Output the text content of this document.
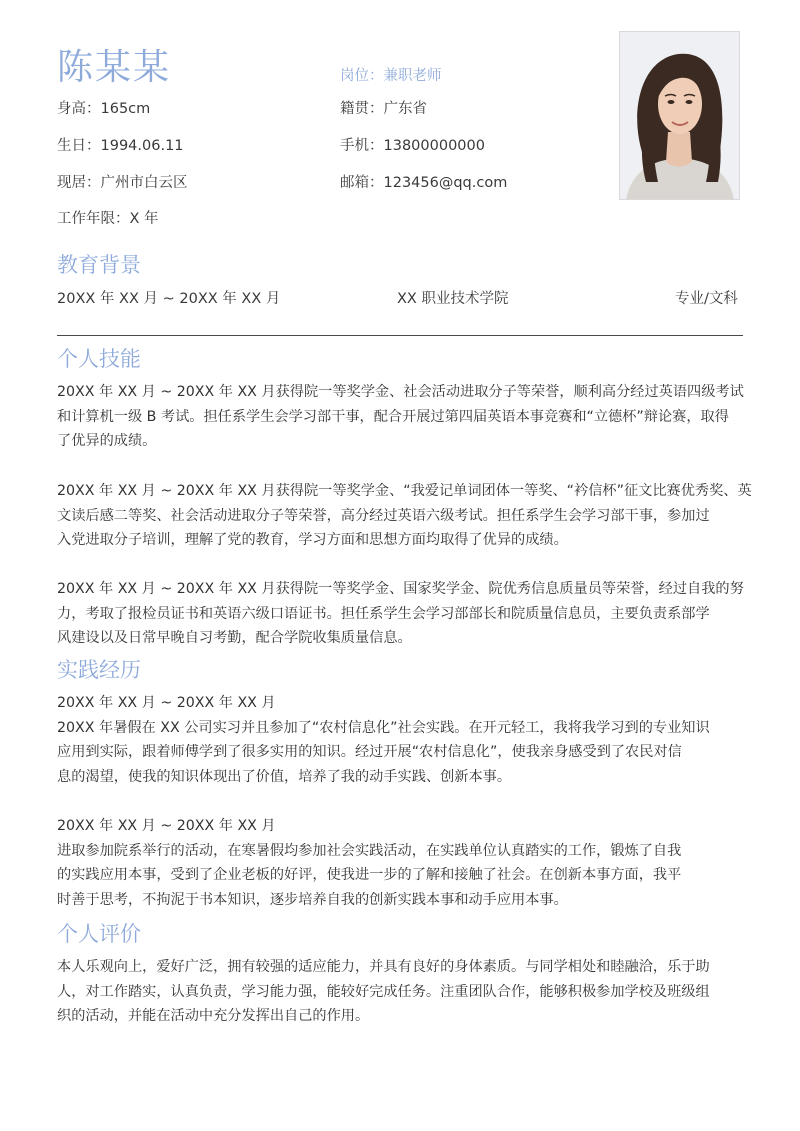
陈某某	岗位：兼职老师
身高：165cm	籍贯：广东省
生日：1994.06.11	手机：13800000000
现居：广州市白云区	邮箱：123456@qq.com
工作年限：X 年
教育背景
20XX 年 XX 月 ~ 20XX 年 XX 月	XX 职业技术学院	专业/文科
个人技能
20XX 年 XX 月 ~ 20XX 年 XX 月获得院一等奖学金、社会活动进取分子等荣誉，顺利高分经过英语四级考试
和计算机一级 B 考试。担任系学生会学习部干事，配合开展过第四届英语本事竞赛和“立德杯”辩论赛，取得
了优异的成绩。
20XX 年 XX 月 ~ 20XX 年 XX 月获得院一等奖学金、“我爱记单词团体一等奖、“衿信杯”征文比赛优秀奖、英
文读后感二等奖、社会活动进取分子等荣誉，高分经过英语六级考试。担任系学生会学习部干事，参加过
入党进取分子培训，理解了党的教育，学习方面和思想方面均取得了优异的成绩。
20XX 年 XX 月 ~ 20XX 年 XX 月获得院一等奖学金、国家奖学金、院优秀信息质量员等荣誉，经过自我的努
力，考取了报检员证书和英语六级口语证书。担任系学生会学习部部长和院质量信息员，主要负责系部学
风建设以及日常早晚自习考勤，配合学院收集质量信息。
实践经历
20XX 年 XX 月 ~ 20XX 年 XX 月
20XX 年暑假在 XX 公司实习并且参加了“农村信息化”社会实践。在开元轻工，我将我学习到的专业知识
应用到实际，跟着师傅学到了很多实用的知识。经过开展“农村信息化”，使我亲身感受到了农民对信
息的渴望，使我的知识体现出了价值，培养了我的动手实践、创新本事。
20XX 年 XX 月 ~ 20XX 年 XX 月
进取参加院系举行的活动，在寒暑假均参加社会实践活动，在实践单位认真踏实的工作，锻炼了自我
的实践应用本事，受到了企业老板的好评，使我进一步的了解和接触了社会。在创新本事方面，我平
时善于思考，不拘泥于书本知识，逐步培养自我的创新实践本事和动手应用本事。
个人评价
本人乐观向上，爱好广泛，拥有较强的适应能力，并具有良好的身体素质。与同学相处和睦融洽，乐于助
人，对工作踏实，认真负责，学习能力强，能较好完成任务。注重团队合作，能够积极参加学校及班级组
织的活动，并能在活动中充分发挥出自己的作用。
